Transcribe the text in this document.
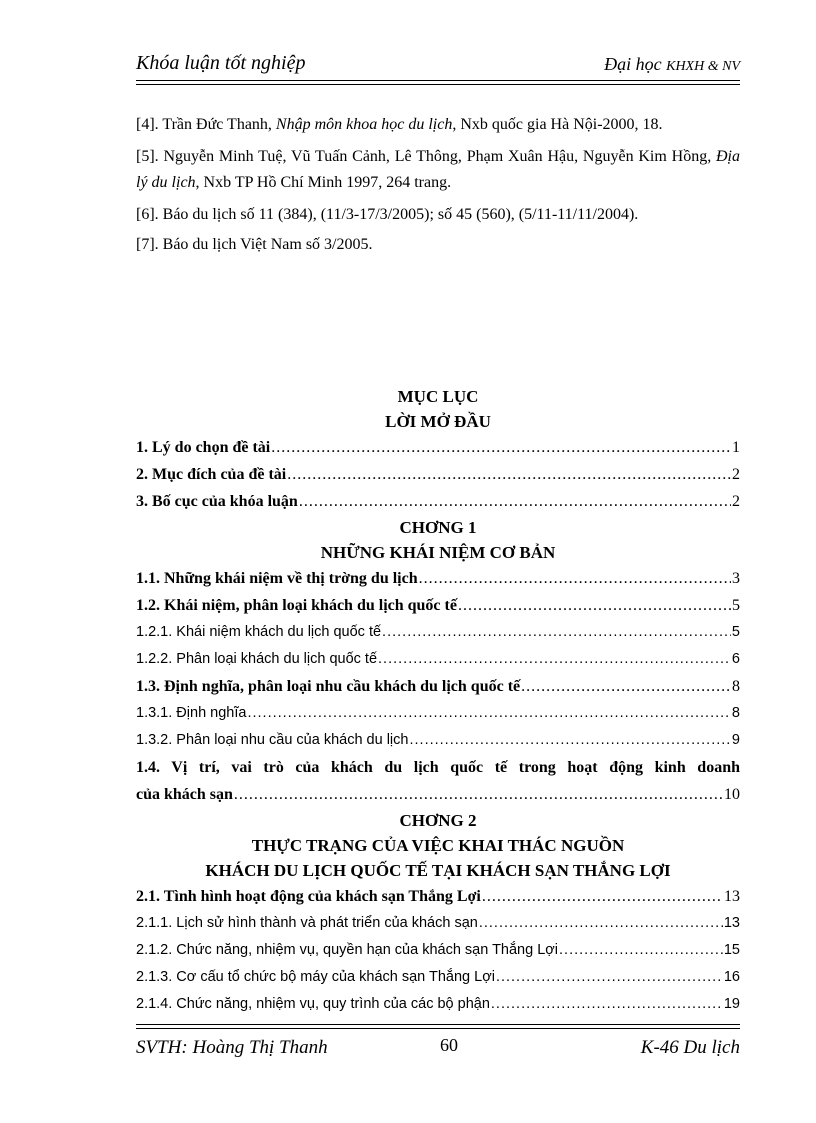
Khóa luận tốt nghiệp	Đại học KHXH & NV
[4]. Trần Đức Thanh, Nhập môn khoa học du lịch, Nxb quốc gia Hà Nội-2000, 18.
[5]. Nguyễn Minh Tuệ, Vũ Tuấn Cảnh, Lê Thông, Phạm Xuân Hậu, Nguyễn Kim Hồng, Địa lý du lịch, Nxb TP Hồ Chí Minh 1997, 264 trang.
[6]. Báo du lịch số 11 (384), (11/3-17/3/2005); số 45 (560), (5/11-11/11/2004).
[7]. Báo du lịch Việt Nam số 3/2005.
MỤC LỤC
LỜI MỞ ĐẦU
1. Lý do chọn đề tài .....	1
2. Mục đích của đề tài .....	2
3. Bố cục của khóa luận .....	2
CHƠNG 1
NHỮNG KHÁI NIỆM CƠ BẢN
1.1. Những khái niệm về thị trờng du lịch .....	3
1.2. Khái niệm, phân loại khách du lịch quốc tế .....	5
1.2.1. Khái niệm khách du lịch quốc tế .....	5
1.2.2. Phân loại khách du lịch quốc tế .....	6
1.3. Định nghĩa, phân loại nhu cầu khách du lịch quốc tế .....	8
1.3.1. Định nghĩa .....	8
1.3.2. Phân loại nhu cầu của khách du lịch .....	9
1.4. Vị trí, vai trò của khách du lịch quốc tế trong hoạt động kinh doanh
của khách sạn .....	10
CHƠNG 2
THỰC TRẠNG CỦA VIỆC KHAI THÁC NGUỒN
KHÁCH DU LỊCH QUỐC TẾ TẠI KHÁCH SẠN THẮNG LỢI
2.1. Tình hình hoạt động của khách sạn Thắng Lợi .....	13
2.1.1. Lịch sử hình thành và phát triển của khách sạn .....	13
2.1.2. Chức năng, nhiệm vụ, quyền hạn của khách sạn Thắng Lợi .....	15
2.1.3. Cơ cấu tổ chức bộ máy của khách sạn Thắng Lợi .....	16
2.1.4. Chức năng, nhiệm vụ, quy trình của các bộ phận .....	19
SVTH: Hoàng Thị Thanh	60	K-46 Du lịch
